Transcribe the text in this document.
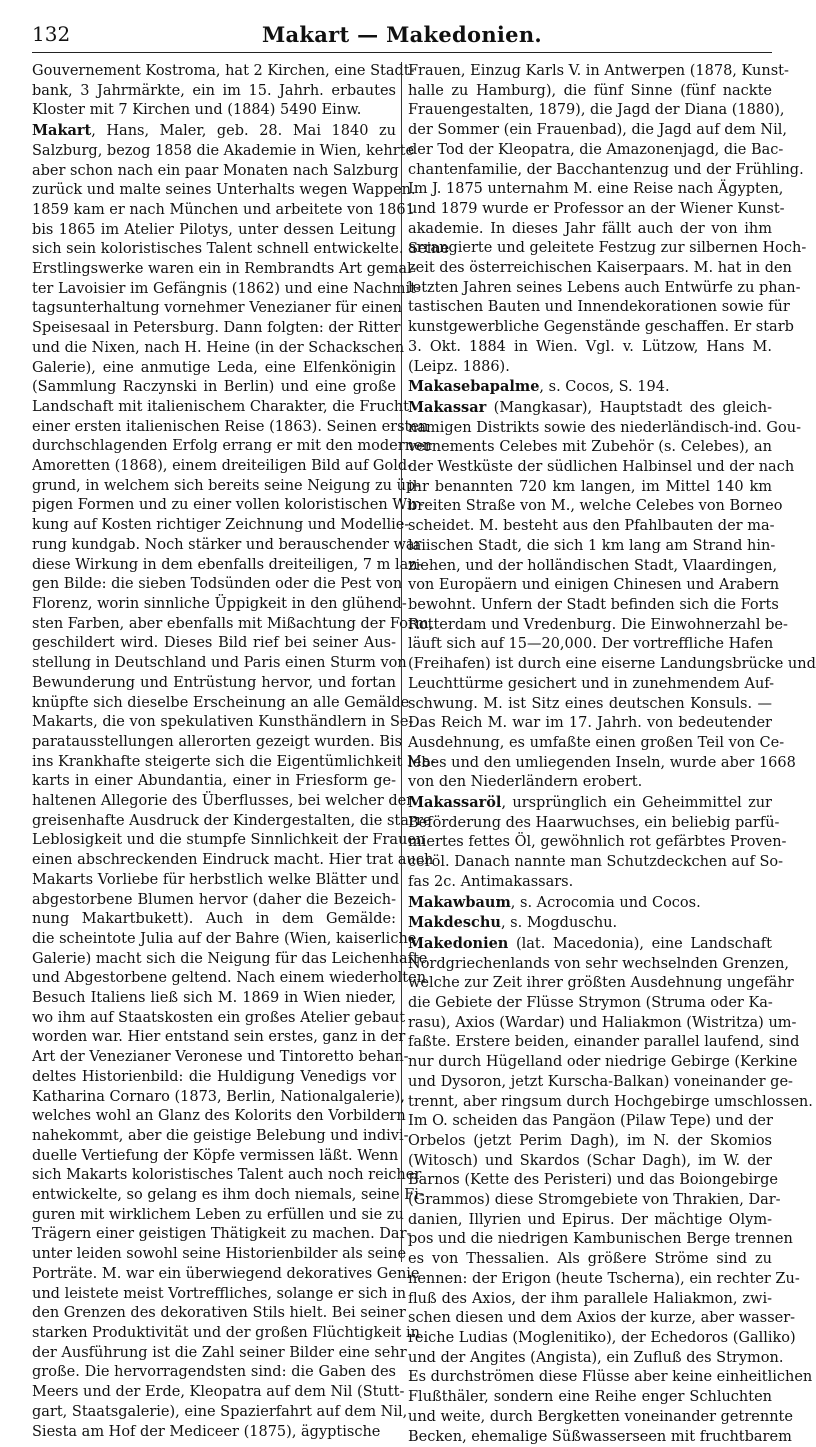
132	Makart — Makedonien.
Gouvernement Kostroma, hat 2 Kirchen, eine Stadt-
bank, 3 Jahrmärkte, ein im 15. Jahrh. erbautes
Kloster mit 7 Kirchen und (1884) 5490 Einw.
Makart, Hans, Maler, geb. 28. Mai 1840 zu
Salzburg, bezog 1858 die Akademie in Wien, kehrte
aber schon nach ein paar Monaten nach Salzburg
zurück und malte seines Unterhalts wegen Wappen.
1859 kam er nach München und arbeitete von 1861
bis 1865 im Atelier Pilotys, unter dessen Leitung
sich sein koloristisches Talent schnell entwickelte. Seine
Erstlingswerke waren ein in Rembrandts Art gemal-
ter Lavoisier im Gefängnis (1862) und eine Nachmit-
tagsunterhaltung vornehmer Venezianer für einen
Speisesaal in Petersburg. Dann folgten: der Ritter
und die Nixen, nach H. Heine (in der Schackschen
Galerie), eine anmutige Leda, eine Elfenkönigin
(Sammlung Raczynski in Berlin) und eine große
Landschaft mit italienischem Charakter, die Frucht
einer ersten italienischen Reise (1863). Seinen ersten
durchschlagenden Erfolg errang er mit den modernen
Amoretten (1868), einem dreiteiligen Bild auf Gold-
grund, in welchem sich bereits seine Neigung zu üp-
pigen Formen und zu einer vollen koloristischen Wir-
kung auf Kosten richtiger Zeichnung und Modellie-
rung kundgab. Noch stärker und berauschender war
diese Wirkung in dem ebenfalls dreiteiligen, 7 m lan-
gen Bilde: die sieben Todsünden oder die Pest von
Florenz, worin sinnliche Üppigkeit in den glühend-
sten Farben, aber ebenfalls mit Mißachtung der Form,
geschildert wird. Dieses Bild rief bei seiner Aus-
stellung in Deutschland und Paris einen Sturm von
Bewunderung und Entrüstung hervor, und fortan
knüpfte sich dieselbe Erscheinung an alle Gemälde
Makarts, die von spekulativen Kunsthändlern in Se-
paratausstellungen allerorten gezeigt wurden. Bis
ins Krankhafte steigerte sich die Eigentümlichkeit Ma-
karts in einer Abundantia, einer in Friesform ge-
haltenen Allegorie des Überflusses, bei welcher der
greisenhafte Ausdruck der Kindergestalten, die starre
Leblosigkeit und die stumpfe Sinnlichkeit der Frauen
einen abschreckenden Eindruck macht. Hier trat auch
Makarts Vorliebe für herbstlich welke Blätter und
abgestorbene Blumen hervor (daher die Bezeich-
nung Makartbukett). Auch in dem Gemälde:
die scheintote Julia auf der Bahre (Wien, kaiserliche
Galerie) macht sich die Neigung für das Leichenhafte
und Abgestorbene geltend. Nach einem wiederholten
Besuch Italiens ließ sich M. 1869 in Wien nieder,
wo ihm auf Staatskosten ein großes Atelier gebaut
worden war. Hier entstand sein erstes, ganz in der
Art der Venezianer Veronese und Tintoretto behan-
deltes Historienbild: die Huldigung Venedigs vor
Katharina Cornaro (1873, Berlin, Nationalgalerie),
welches wohl an Glanz des Kolorits den Vorbildern
nahekommt, aber die geistige Belebung und indivi-
duelle Vertiefung der Köpfe vermissen läßt. Wenn
sich Makarts koloristisches Talent auch noch reicher
entwickelte, so gelang es ihm doch niemals, seine Fi-
guren mit wirklichem Leben zu erfüllen und sie zu
Trägern einer geistigen Thätigkeit zu machen. Dar-
unter leiden sowohl seine Historienbilder als seine
Porträte. M. war ein überwiegend dekoratives Genie
und leistete meist Vortreffliches, solange er sich in
den Grenzen des dekorativen Stils hielt. Bei seiner
starken Produktivität und der großen Flüchtigkeit in
der Ausführung ist die Zahl seiner Bilder eine sehr
große. Die hervorragendsten sind: die Gaben des
Meers und der Erde, Kleopatra auf dem Nil (Stutt-
gart, Staatsgalerie), eine Spazierfahrt auf dem Nil,
Siesta am Hof der Mediceer (1875), ägyptische
Frauen, Einzug Karls V. in Antwerpen (1878, Kunst-
halle zu Hamburg), die fünf Sinne (fünf nackte
Frauengestalten, 1879), die Jagd der Diana (1880),
der Sommer (ein Frauenbad), die Jagd auf dem Nil,
der Tod der Kleopatra, die Amazonenjagd, die Bac-
chantenfamilie, der Bacchantenzug und der Frühling.
Im J. 1875 unternahm M. eine Reise nach Ägypten,
und 1879 wurde er Professor an der Wiener Kunst-
akademie. In dieses Jahr fällt auch der von ihm
arrangierte und geleitete Festzug zur silbernen Hoch-
zeit des österreichischen Kaiserpaars. M. hat in den
letzten Jahren seines Lebens auch Entwürfe zu phan-
tastischen Bauten und Innendekorationen sowie für
kunstgewerbliche Gegenstände geschaffen. Er starb
3. Okt. 1884 in Wien. Vgl. v. Lützow, Hans M.
(Leipz. 1886).
Makasebapalme, s. Cocos, S. 194.
Makassar (Mangkasar), Hauptstadt des gleich-
namigen Distrikts sowie des niederländisch-ind. Gou-
vernements Celebes mit Zubehör (s. Celebes), an
der Westküste der südlichen Halbinsel und der nach
ihr benannten 720 km langen, im Mittel 140 km
breiten Straße von M., welche Celebes von Borneo
scheidet. M. besteht aus den Pfahlbauten der ma-
laiischen Stadt, die sich 1 km lang am Strand hin-
ziehen, und der holländischen Stadt, Vlaardingen,
von Europäern und einigen Chinesen und Arabern
bewohnt. Unfern der Stadt befinden sich die Forts
Rotterdam und Vredenburg. Die Einwohnerzahl be-
läuft sich auf 15—20,000. Der vortreffliche Hafen
(Freihafen) ist durch eine eiserne Landungsbrücke und
Leuchttürme gesichert und in zunehmendem Auf-
schwung. M. ist Sitz eines deutschen Konsuls. —
Das Reich M. war im 17. Jahrh. von bedeutender
Ausdehnung, es umfaßte einen großen Teil von Ce-
lebes und den umliegenden Inseln, wurde aber 1668
von den Niederländern erobert.
Makassaröl, ursprünglich ein Geheimmittel zur
Beförderung des Haarwuchses, ein beliebig parfü-
miertes fettes Öl, gewöhnlich rot gefärbtes Proven-
ceröl. Danach nannte man Schutzdeckchen auf So-
fas 2c. Antimakassars.
Makawbaum, s. Acrocomia und Cocos.
Makdeschu, s. Mogduschu.
Makedonien (lat. Macedonia), eine Landschaft
Nordgriechenlands von sehr wechselnden Grenzen,
welche zur Zeit ihrer größten Ausdehnung ungefähr
die Gebiete der Flüsse Strymon (Struma oder Ka-
rasu), Axios (Wardar) und Haliakmon (Wistritza) um-
faßte. Erstere beiden, einander parallel laufend, sind
nur durch Hügelland oder niedrige Gebirge (Kerkine
und Dysoron, jetzt Kurscha-Balkan) voneinander ge-
trennt, aber ringsum durch Hochgebirge umschlossen.
Im O. scheiden das Pangäon (Pilaw Tepe) und der
Orbelos (jetzt Perim Dagh), im N. der Skomios
(Witosch) und Skardos (Schar Dagh), im W. der
Barnos (Kette des Peristeri) und das Boiongebirge
(Grammos) diese Stromgebiete von Thrakien, Dar-
danien, Illyrien und Epirus. Der mächtige Olym-
pos und die niedrigen Kambunischen Berge trennen
es von Thessalien. Als größere Ströme sind zu
nennen: der Erigon (heute Tscherna), ein rechter Zu-
fluß des Axios, der ihm parallele Haliakmon, zwi-
schen diesen und dem Axios der kurze, aber wasser-
reiche Ludias (Moglenitiko), der Echedoros (Galliko)
und der Angites (Angista), ein Zufluß des Strymon.
Es durchströmen diese Flüsse aber keine einheitlichen
Flußthäler, sondern eine Reihe enger Schluchten
und weite, durch Bergketten voneinander getrennte
Becken, ehemalige Süßwasserseen mit fruchtbarem
